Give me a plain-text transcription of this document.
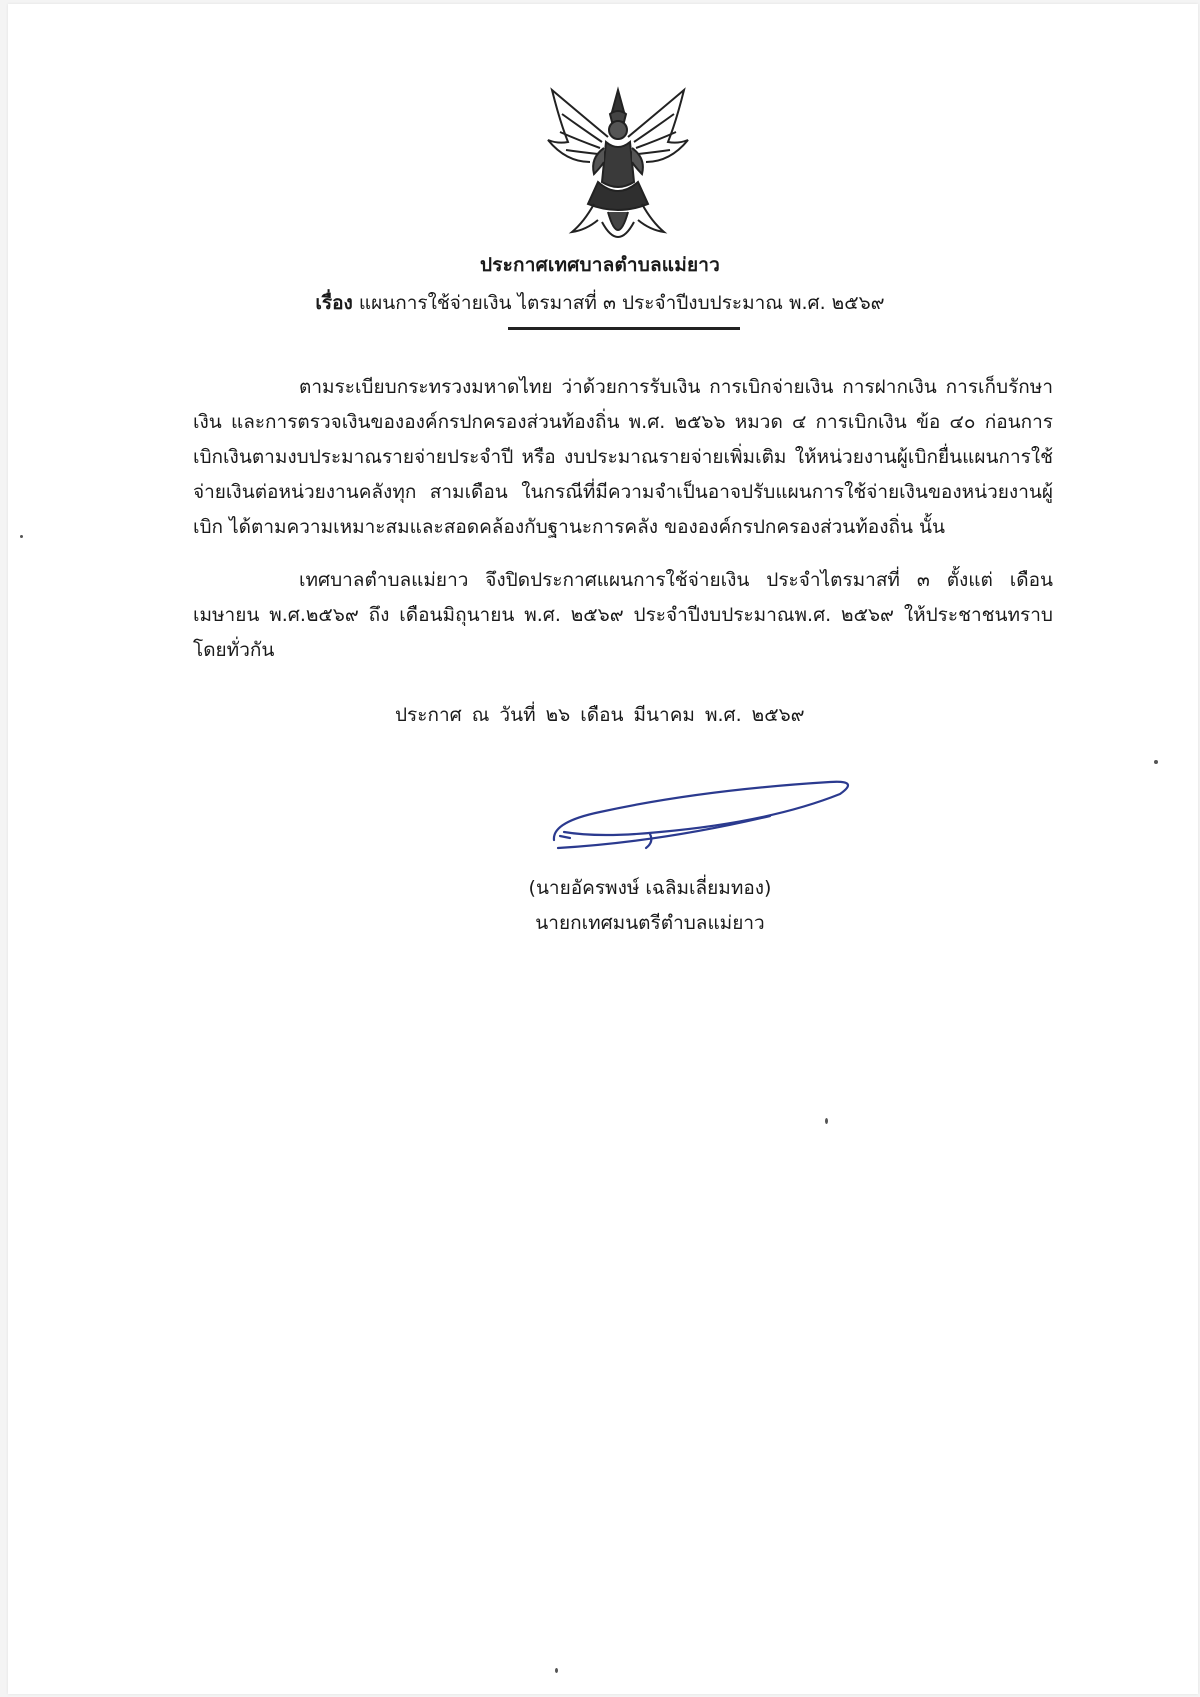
ประกาศเทศบาลตำบลแม่ยาว
เรื่อง แผนการใช้จ่ายเงิน ไตรมาสที่ ๓ ประจำปีงบประมาณ พ.ศ. ๒๕๖๙
ตามระเบียบกระทรวงมหาดไทย ว่าด้วยการรับเงิน การเบิกจ่ายเงิน การฝากเงิน การเก็บรักษาเงิน และการตรวจเงินขององค์กรปกครองส่วนท้องถิ่น พ.ศ. ๒๕๖๖ หมวด ๔ การเบิกเงิน ข้อ ๔๐ ก่อนการเบิกเงินตามงบประมาณรายจ่ายประจำปี หรือ งบประมาณรายจ่ายเพิ่มเติม ให้หน่วยงานผู้เบิกยื่นแผนการใช้จ่ายเงินต่อหน่วยงานคลังทุก สามเดือน ในกรณีที่มีความจำเป็นอาจปรับแผนการใช้จ่ายเงินของหน่วยงานผู้เบิก ได้ตามความเหมาะสมและสอดคล้องกับฐานะการคลัง ขององค์กรปกครองส่วนท้องถิ่น นั้น
เทศบาลตำบลแม่ยาว จึงปิดประกาศแผนการใช้จ่ายเงิน ประจำไตรมาสที่ ๓ ตั้งแต่ เดือนเมษายน พ.ศ.๒๕๖๙ ถึง เดือนมิถุนายน พ.ศ. ๒๕๖๙ ประจำปีงบประมาณพ.ศ. ๒๕๖๙ ให้ประชาชนทราบโดยทั่วกัน
ประกาศ ณ วันที่ ๒๖ เดือน มีนาคม พ.ศ. ๒๕๖๙
(นายอัครพงษ์ เฉลิมเลี่ยมทอง)
นายกเทศมนตรีตำบลแม่ยาว
